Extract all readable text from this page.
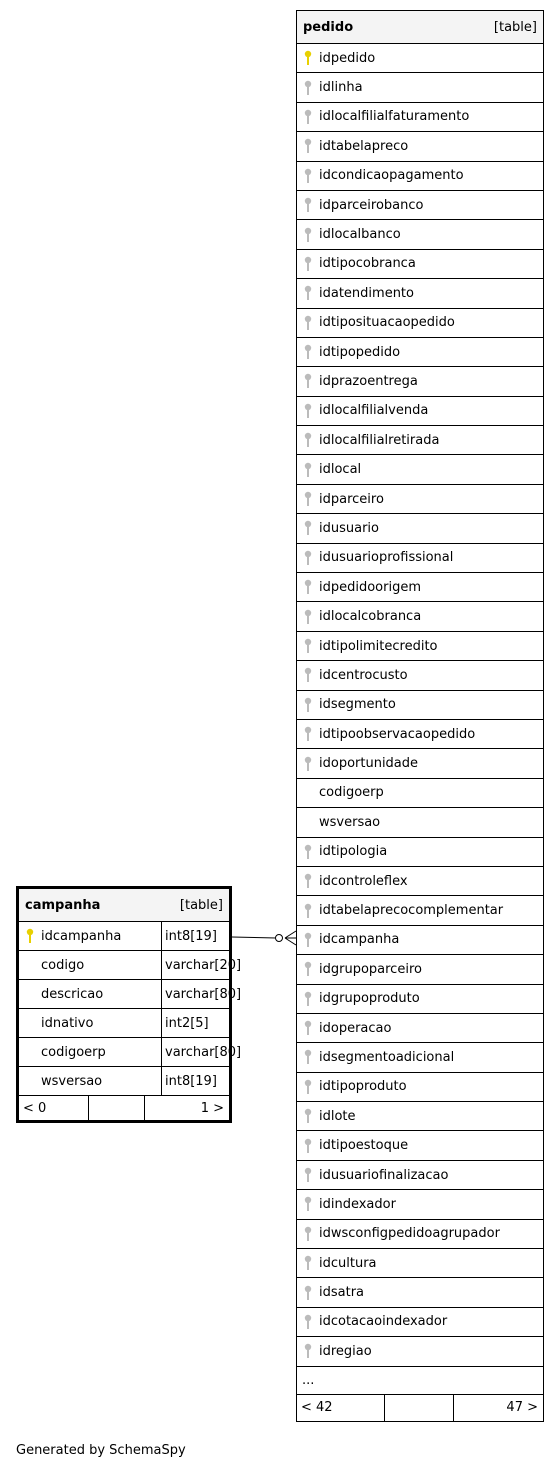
pedido	[table]
idpedido
idlinha
idlocalfilialfaturamento
idtabelapreco
idcondicaopagamento
idparceirobanco
idlocalbanco
idtipocobranca
idatendimento
idtiposituacaopedido
idtipopedido
idprazoentrega
idlocalfilialvenda
idlocalfilialretirada
idlocal
idparceiro
idusuario
idusuarioprofissional
idpedidoorigem
idlocalcobranca
idtipolimitecredito
idcentrocusto
idsegmento
idtipoobservacaopedido
idoportunidade
codigoerp
wsversao
idtipologia
idcontroleflex
idtabelaprecocomplementar
idcampanha
idgrupoparceiro
idgrupoproduto
idoperacao
idsegmentoadicional
idtipoproduto
idlote
idtipoestoque
idusuariofinalizacao
idindexador
idwsconfigpedidoagrupador
idcultura
idsatra
idcotacaoindexador
idregiao
...
< 42	47 >
campanha	[table]
idcampanha	int8[19]
codigo	varchar[20]
descricao	varchar[80]
idnativo	int2[5]
codigoerp	varchar[80]
wsversao	int8[19]
< 0	1 >
Generated by SchemaSpy
